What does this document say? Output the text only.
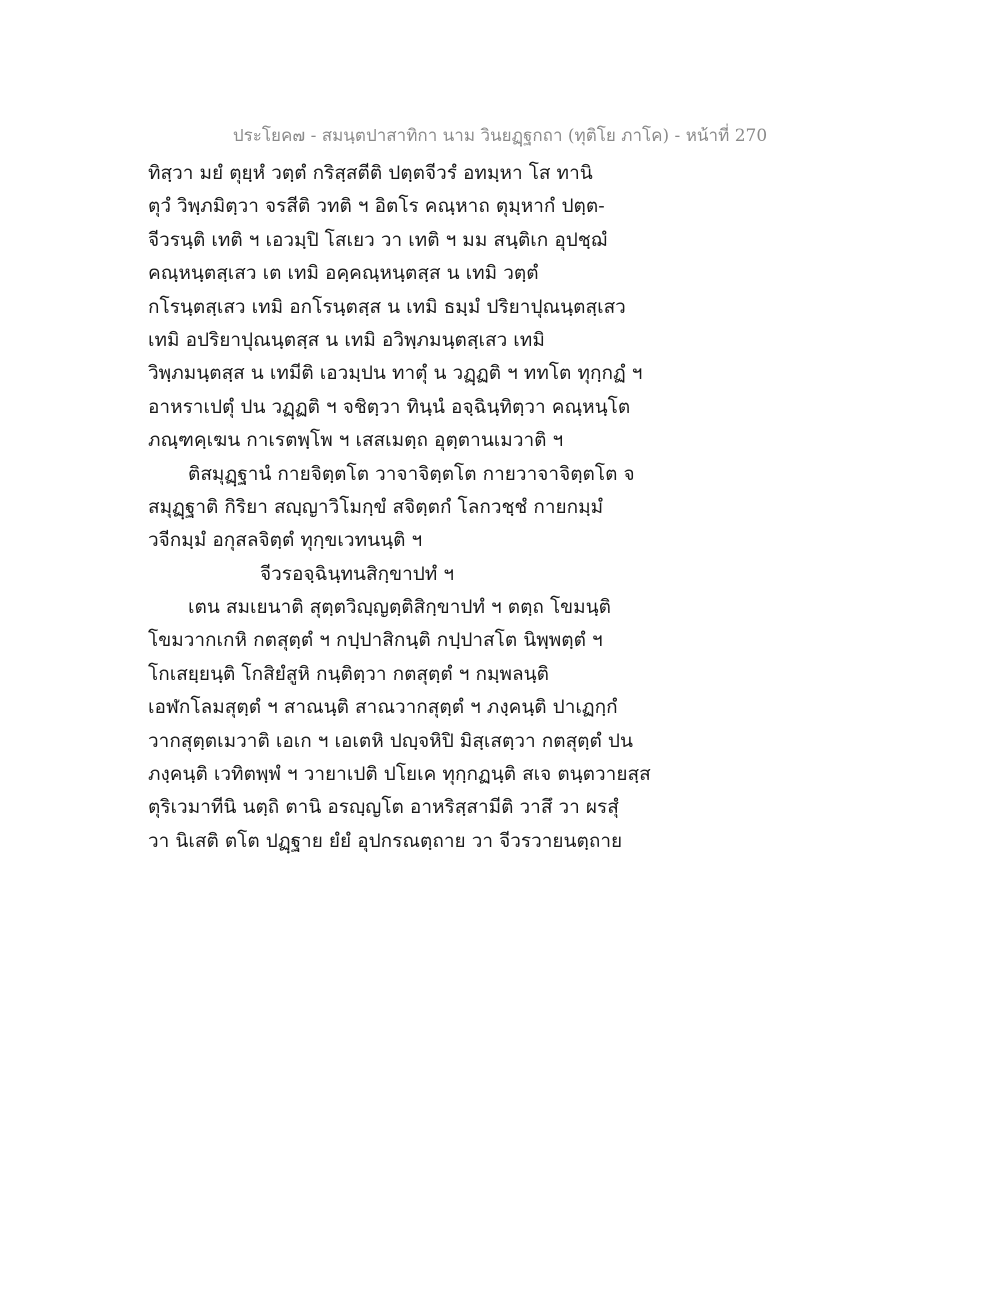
ประโยค๗ - สมนฺตปาสาทิกา นาม วินยฏฺฐกถา (ทุติโย ภาโค) - หน้าที่ 270
ทิสฺวา มยํ ตุยฺหํ วตฺตํ กริสฺสตีติ ปตฺตจีวรํ อทมฺหา โส ทานิ
ตุวํ วิพฺภมิตฺวา จรสีติ วทติ ฯ อิตโร คณฺหาถ ตุมฺหากํ ปตฺต-
จีวรนฺติ เทติ ฯ เอวมฺปิ โสเยว วา เทติ ฯ มม สนฺติเก อุปชฺฌํ
คณฺหนฺตสฺเสว เต เทมิ อคฺคณฺหนฺตสฺส น เทมิ วตฺตํ
กโรนฺตสฺเสว เทมิ อกโรนฺตสฺส น เทมิ ธมฺมํ ปริยาปุณนฺตสฺเสว
เทมิ อปริยาปุณนฺตสฺส น เทมิ อวิพฺภมนฺตสฺเสว เทมิ
วิพฺภมนฺตสฺส น เทมีติ เอวมฺปน ทาตุํ น วฏฺฏติ ฯ ททโต ทุกฺกฏํ ฯ
อาหราเปตุํ ปน วฏฺฏติ ฯ จชิตฺวา ทินฺนํ อจฺฉินฺทิตฺวา คณฺหนฺโต
ภณฺฑคฺเฆน กาเรตพฺโพ ฯ เสสเมตฺถ อุตฺตานเมวาติ ฯ
ติสมุฏฺฐานํ กายจิตฺตโต วาจาจิตฺตโต กายวาจาจิตฺตโต จ
สมุฏฺฐาติ กิริยา สญฺญาวิโมกฺขํ สจิตฺตกํ โลกวชฺชํ กายกมฺมํ
วจีกมฺมํ อกุสลจิตฺตํ ทุกฺขเวทนนฺติ ฯ
จีวรอจฺฉินฺทนสิกฺขาปทํ ฯ
เตน สมเยนาติ สุตฺตวิญฺญตฺติสิกฺขาปทํ ฯ ตตฺถ โขมนฺติ
โขมวากเกหิ กตสุตฺตํ ฯ กปฺปาสิกนฺติ กปฺปาสโต นิพฺพตฺตํ ฯ
โกเสยฺยนฺติ โกสิยํสูหิ กนฺติตฺวา กตสุตฺตํ ฯ กมฺพลนฺติ
เอฬกโลมสุตฺตํ ฯ สาณนฺติ สาณวากสุตฺตํ ฯ ภงฺคนฺติ ปาเฏกฺกํ
วากสุตฺตเมวาติ เอเก ฯ เอเตหิ ปญฺจหิปิ มิสฺเสตฺวา กตสุตฺตํ ปน
ภงฺคนฺติ เวทิตพฺพํ ฯ วายาเปติ ปโยเค ทุกฺกฏนฺติ สเจ ตนฺตวายสฺส
ตุริเวมาทีนิ นตฺถิ ตานิ อรญฺญโต อาหริสฺสามีติ วาสึ วา ผรสุํ
วา นิเสติ ตโต ปฏฺฐาย ยํยํ อุปกรณตฺถาย วา จีวรวายนตฺถาย
